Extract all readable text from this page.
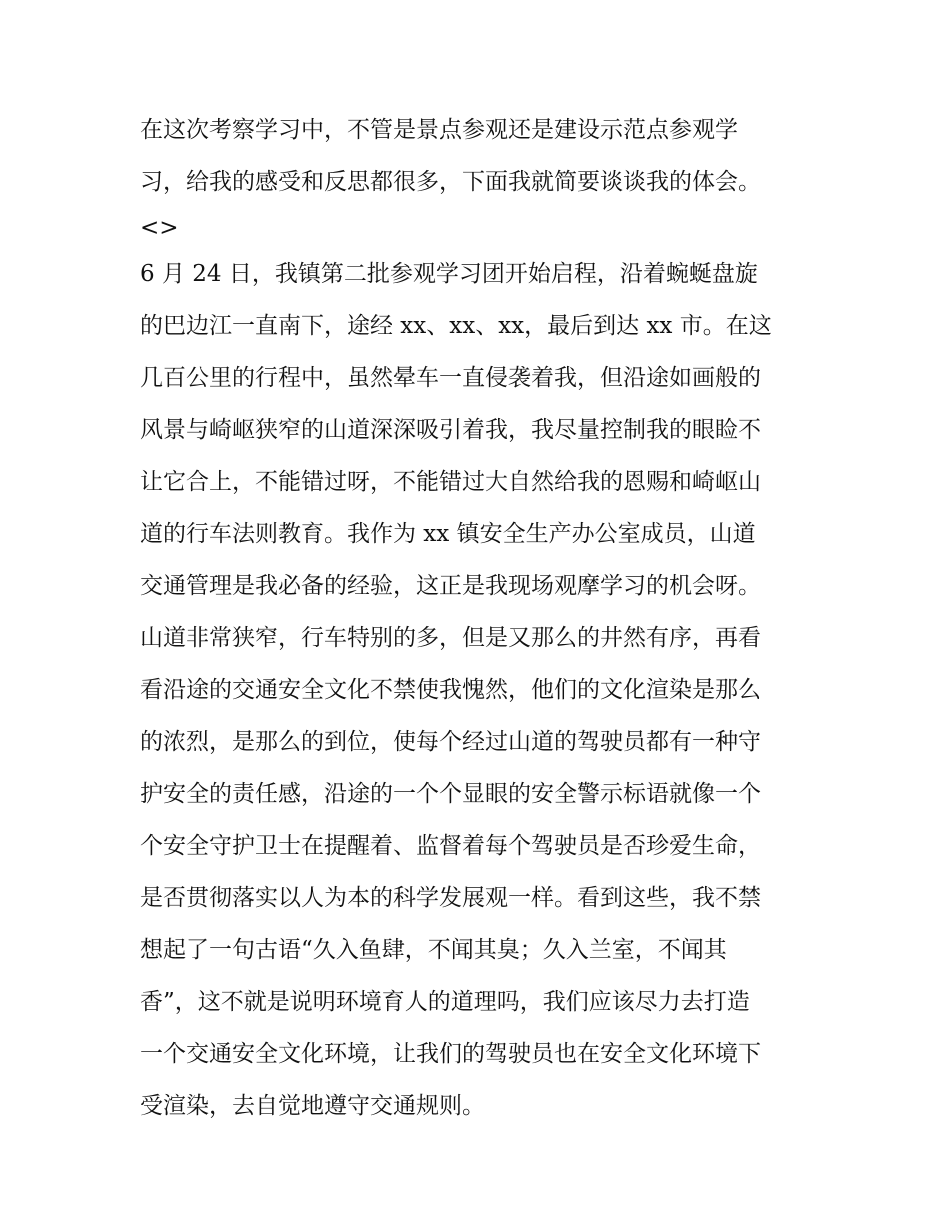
在这次考察学习中，不管是景点参观还是建设示范点参观学
习，给我的感受和反思都很多，下面我就简要谈谈我的体会。
<>
6 月 24 日，我镇第二批参观学习团开始启程，沿着蜿蜒盘旋
的巴边江一直南下，途经 xx、xx、xx，最后到达 xx 市。在这
几百公里的行程中，虽然晕车一直侵袭着我，但沿途如画般的
风景与崎岖狭窄的山道深深吸引着我，我尽量控制我的眼睑不
让它合上，不能错过呀，不能错过大自然给我的恩赐和崎岖山
道的行车法则教育。我作为 xx 镇安全生产办公室成员，山道
交通管理是我必备的经验，这正是我现场观摩学习的机会呀。
山道非常狭窄，行车特别的多，但是又那么的井然有序，再看
看沿途的交通安全文化不禁使我愧然，他们的文化渲染是那么
的浓烈，是那么的到位，使每个经过山道的驾驶员都有一种守
护安全的责任感，沿途的一个个显眼的安全警示标语就像一个
个安全守护卫士在提醒着、监督着每个驾驶员是否珍爱生命，
是否贯彻落实以人为本的科学发展观一样。看到这些，我不禁
想起了一句古语“久入鱼肆，不闻其臭；久入兰室，不闻其
香”，这不就是说明环境育人的道理吗，我们应该尽力去打造
一个交通安全文化环境，让我们的驾驶员也在安全文化环境下
受渲染，去自觉地遵守交通规则。
